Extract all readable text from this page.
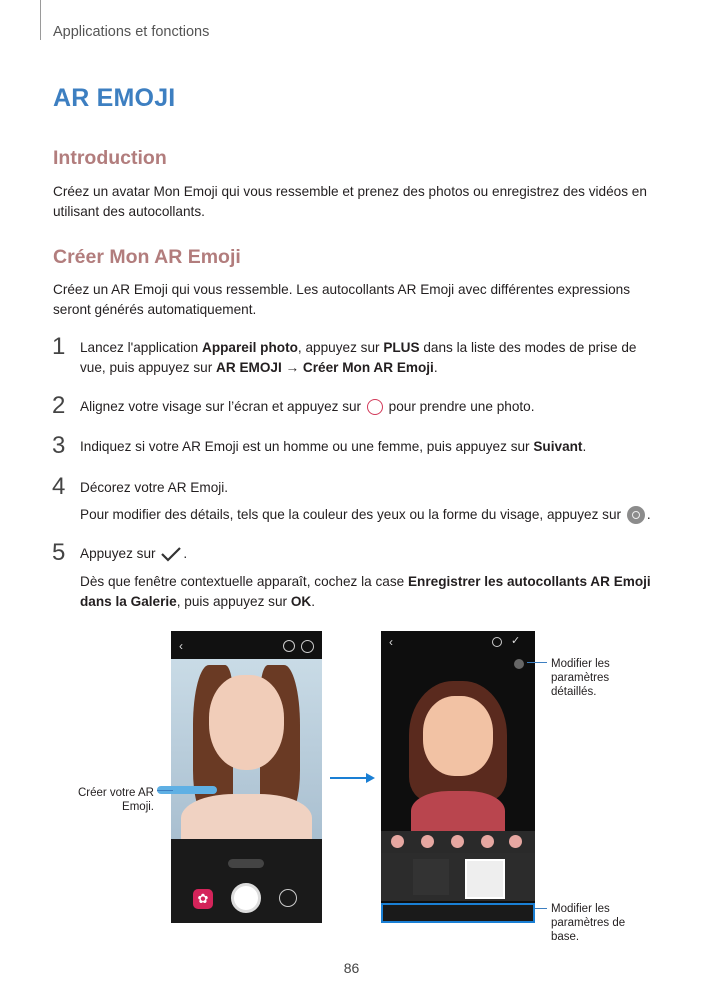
Applications et fonctions
AR EMOJI
Introduction
Créez un avatar Mon Emoji qui vous ressemble et prenez des photos ou enregistrez des vidéos en utilisant des autocollants.
Créer Mon AR Emoji
Créez un AR Emoji qui vous ressemble. Les autocollants AR Emoji avec différentes expressions seront générés automatiquement.
1 Lancez l'application Appareil photo, appuyez sur PLUS dans la liste des modes de prise de vue, puis appuyez sur AR EMOJI → Créer Mon AR Emoji.
2 Alignez votre visage sur l’écran et appuyez sur  pour prendre une photo.
3 Indiquez si votre AR Emoji est un homme ou une femme, puis appuyez sur Suivant.
4 Décorez votre AR Emoji.
Pour modifier des détails, tels que la couleur des yeux ou la forme du visage, appuyez sur .
5 Appuyez sur .
Dès que fenêtre contextuelle apparaît, cochez la case Enregistrer les autocollants AR Emoji dans la Galerie, puis appuyez sur OK.
‹
✿
Créer votre AR Emoji.
‹	✓
Modifier les paramètres détaillés.
Modifier les paramètres de base.
86
